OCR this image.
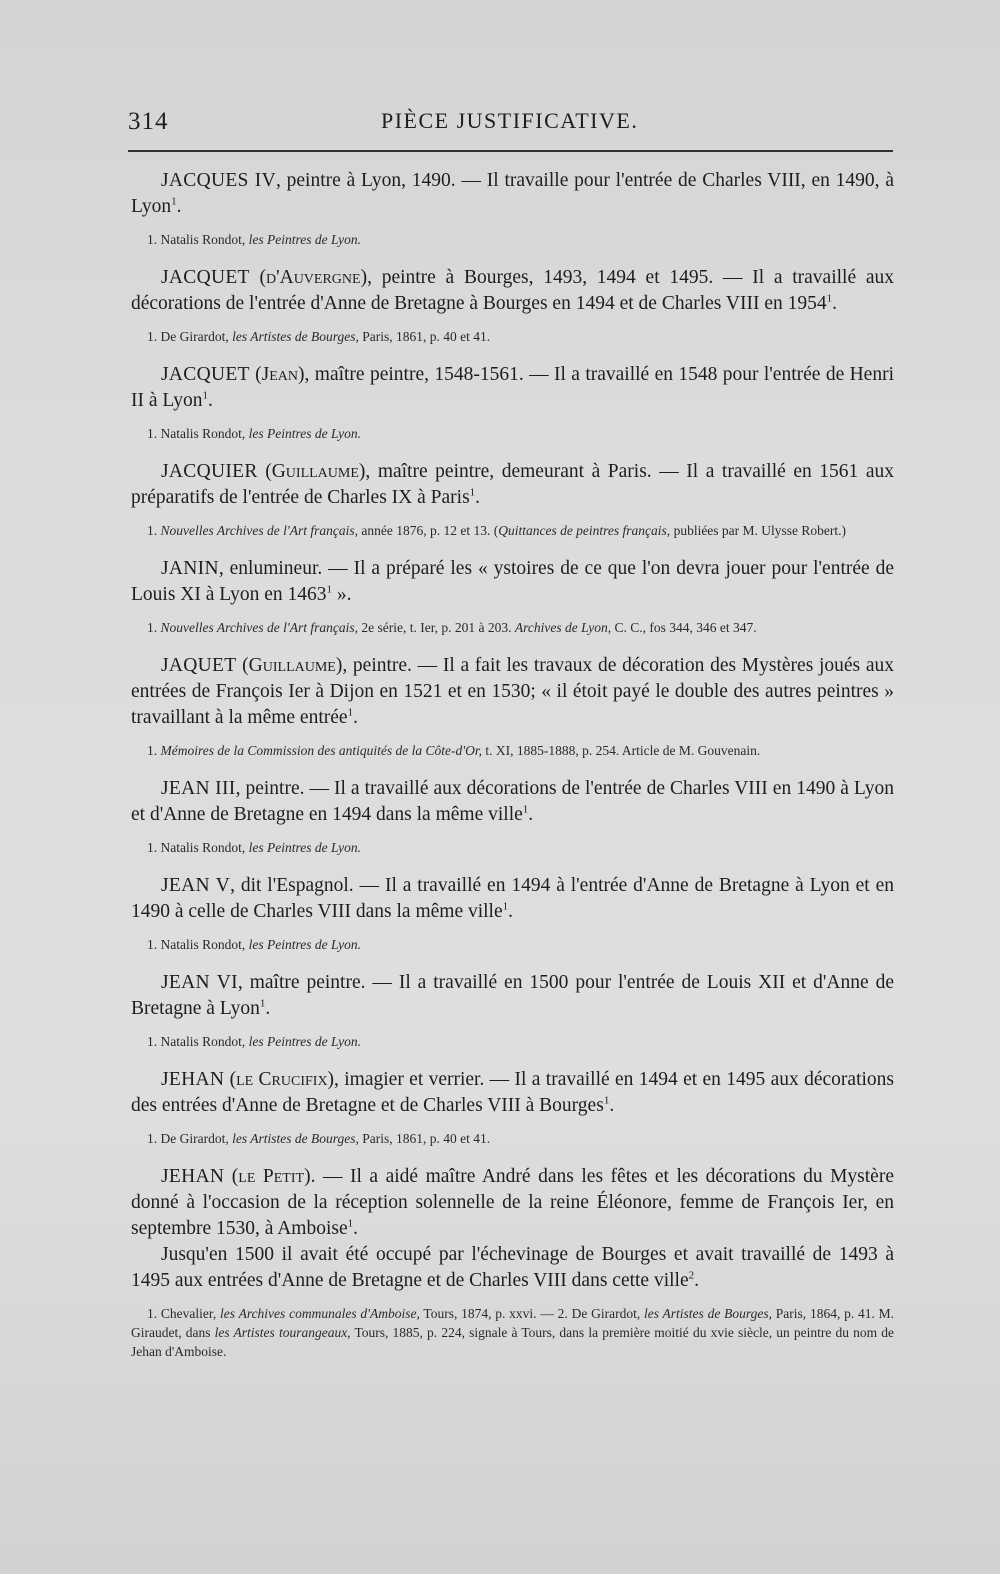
314	PIÈCE JUSTIFICATIVE.

JACQUES IV, peintre à Lyon, 1490. — Il travaille pour l'entrée de Charles VIII, en 1490, à Lyon$^1$.

1. Natalis Rondot, les Peintres de Lyon.

JACQUET (d'Auvergne), peintre à Bourges, 1493, 1494 et 1495. — Il a travaillé aux décorations de l'entrée d'Anne de Bretagne à Bourges en 1494 et de Charles VIII en 1954$^1$.

1. De Girardot, les Artistes de Bourges, Paris, 1861, p. 40 et 41.

JACQUET (Jean), maître peintre, 1548-1561. — Il a travaillé en 1548 pour l'entrée de Henri II à Lyon$^1$.

1. Natalis Rondot, les Peintres de Lyon.

JACQUIER (Guillaume), maître peintre, demeurant à Paris. — Il a travaillé en 1561 aux préparatifs de l'entrée de Charles IX à Paris$^1$.

1. Nouvelles Archives de l'Art français, année 1876, p. 12 et 13. (Quittances de peintres français, publiées par M. Ulysse Robert.)

JANIN, enlumineur. — Il a préparé les « ystoires de ce que l'on devra jouer pour l'entrée de Louis XI à Lyon en 1463$^1$ ».

1. Nouvelles Archives de l'Art français, 2e série, t. Ier, p. 201 à 203. Archives de Lyon, C. C., fos 344, 346 et 347.

JAQUET (Guillaume), peintre. — Il a fait les travaux de décoration des Mystères joués aux entrées de François Ier à Dijon en 1521 et en 1530; « il étoit payé le double des autres peintres » travaillant à la même entrée$^1$.

1. Mémoires de la Commission des antiquités de la Côte-d'Or, t. XI, 1885-1888, p. 254. Article de M. Gouvenain.

JEAN III, peintre. — Il a travaillé aux décorations de l'entrée de Charles VIII en 1490 à Lyon et d'Anne de Bretagne en 1494 dans la même ville$^1$.

1. Natalis Rondot, les Peintres de Lyon.

JEAN V, dit l'Espagnol. — Il a travaillé en 1494 à l'entrée d'Anne de Bretagne à Lyon et en 1490 à celle de Charles VIII dans la même ville$^1$.

1. Natalis Rondot, les Peintres de Lyon.

JEAN VI, maître peintre. — Il a travaillé en 1500 pour l'entrée de Louis XII et d'Anne de Bretagne à Lyon$^1$.

1. Natalis Rondot, les Peintres de Lyon.

JEHAN (le Crucifix), imagier et verrier. — Il a travaillé en 1494 et en 1495 aux décorations des entrées d'Anne de Bretagne et de Charles VIII à Bourges$^1$.

1. De Girardot, les Artistes de Bourges, Paris, 1861, p. 40 et 41.

JEHAN (le Petit). — Il a aidé maître André dans les fêtes et les décorations du Mystère donné à l'occasion de la réception solennelle de la reine Éléonore, femme de François Ier, en septembre 1530, à Amboise$^1$.

Jusqu'en 1500 il avait été occupé par l'échevinage de Bourges et avait travaillé de 1493 à 1495 aux entrées d'Anne de Bretagne et de Charles VIII dans cette ville$^2$.

1. Chevalier, les Archives communales d'Amboise, Tours, 1874, p. xxvi. — 2. De Girardot, les Artistes de Bourges, Paris, 1864, p. 41. M. Giraudet, dans les Artistes tourangeaux, Tours, 1885, p. 224, signale à Tours, dans la première moitié du xvie siècle, un peintre du nom de Jehan d'Amboise.
